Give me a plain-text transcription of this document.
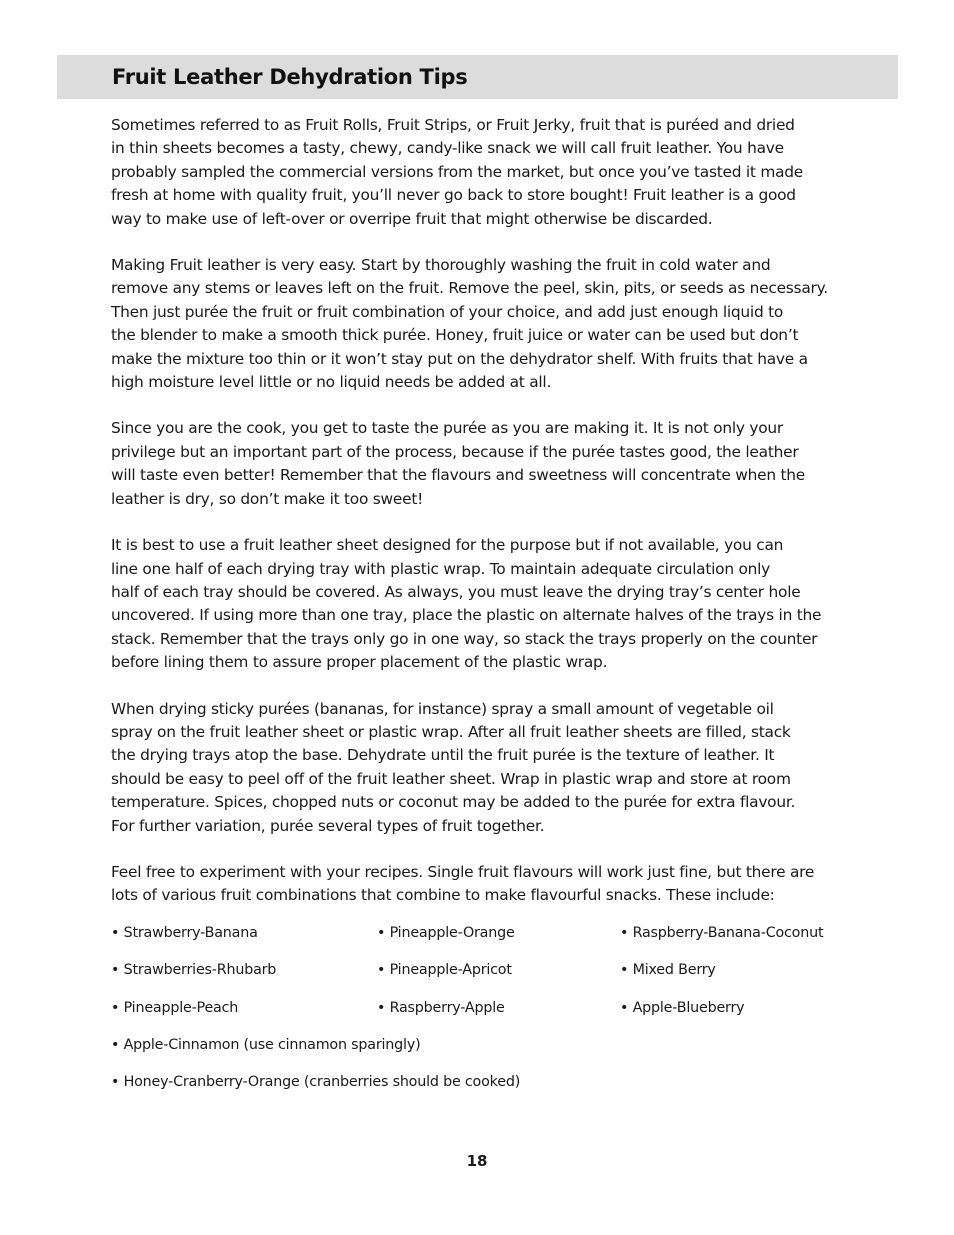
Fruit Leather Dehydration Tips

Sometimes referred to as Fruit Rolls, Fruit Strips, or Fruit Jerky, fruit that is puréed and dried
in thin sheets becomes a tasty, chewy, candy-like snack we will call fruit leather. You have
probably sampled the commercial versions from the market, but once you’ve tasted it made
fresh at home with quality fruit, you’ll never go back to store bought! Fruit leather is a good
way to make use of left-over or overripe fruit that might otherwise be discarded.

Making Fruit leather is very easy. Start by thoroughly washing the fruit in cold water and
remove any stems or leaves left on the fruit. Remove the peel, skin, pits, or seeds as necessary.
Then just purée the fruit or fruit combination of your choice, and add just enough liquid to
the blender to make a smooth thick purée. Honey, fruit juice or water can be used but don’t
make the mixture too thin or it won’t stay put on the dehydrator shelf. With fruits that have a
high moisture level little or no liquid needs be added at all.

Since you are the cook, you get to taste the purée as you are making it. It is not only your
privilege but an important part of the process, because if the purée tastes good, the leather
will taste even better! Remember that the flavours and sweetness will concentrate when the
leather is dry, so don’t make it too sweet!

It is best to use a fruit leather sheet designed for the purpose but if not available, you can
line one half of each drying tray with plastic wrap. To maintain adequate circulation only
half of each tray should be covered. As always, you must leave the drying tray’s center hole
uncovered. If using more than one tray, place the plastic on alternate halves of the trays in the
stack. Remember that the trays only go in one way, so stack the trays properly on the counter
before lining them to assure proper placement of the plastic wrap.

When drying sticky purées (bananas, for instance) spray a small amount of vegetable oil
spray on the fruit leather sheet or plastic wrap. After all fruit leather sheets are filled, stack
the drying trays atop the base. Dehydrate until the fruit purée is the texture of leather. It
should be easy to peel off of the fruit leather sheet. Wrap in plastic wrap and store at room
temperature. Spices, chopped nuts or coconut may be added to the purée for extra flavour.
For further variation, purée several types of fruit together.

Feel free to experiment with your recipes. Single fruit flavours will work just fine, but there are
lots of various fruit combinations that combine to make flavourful snacks. These include:

• Strawberry-Banana	• Pineapple-Orange	• Raspberry-Banana-Coconut
• Strawberries-Rhubarb	• Pineapple-Apricot	• Mixed Berry
• Pineapple-Peach	• Raspberry-Apple	• Apple-Blueberry
• Apple-Cinnamon (use cinnamon sparingly)
• Honey-Cranberry-Orange (cranberries should be cooked)
18
